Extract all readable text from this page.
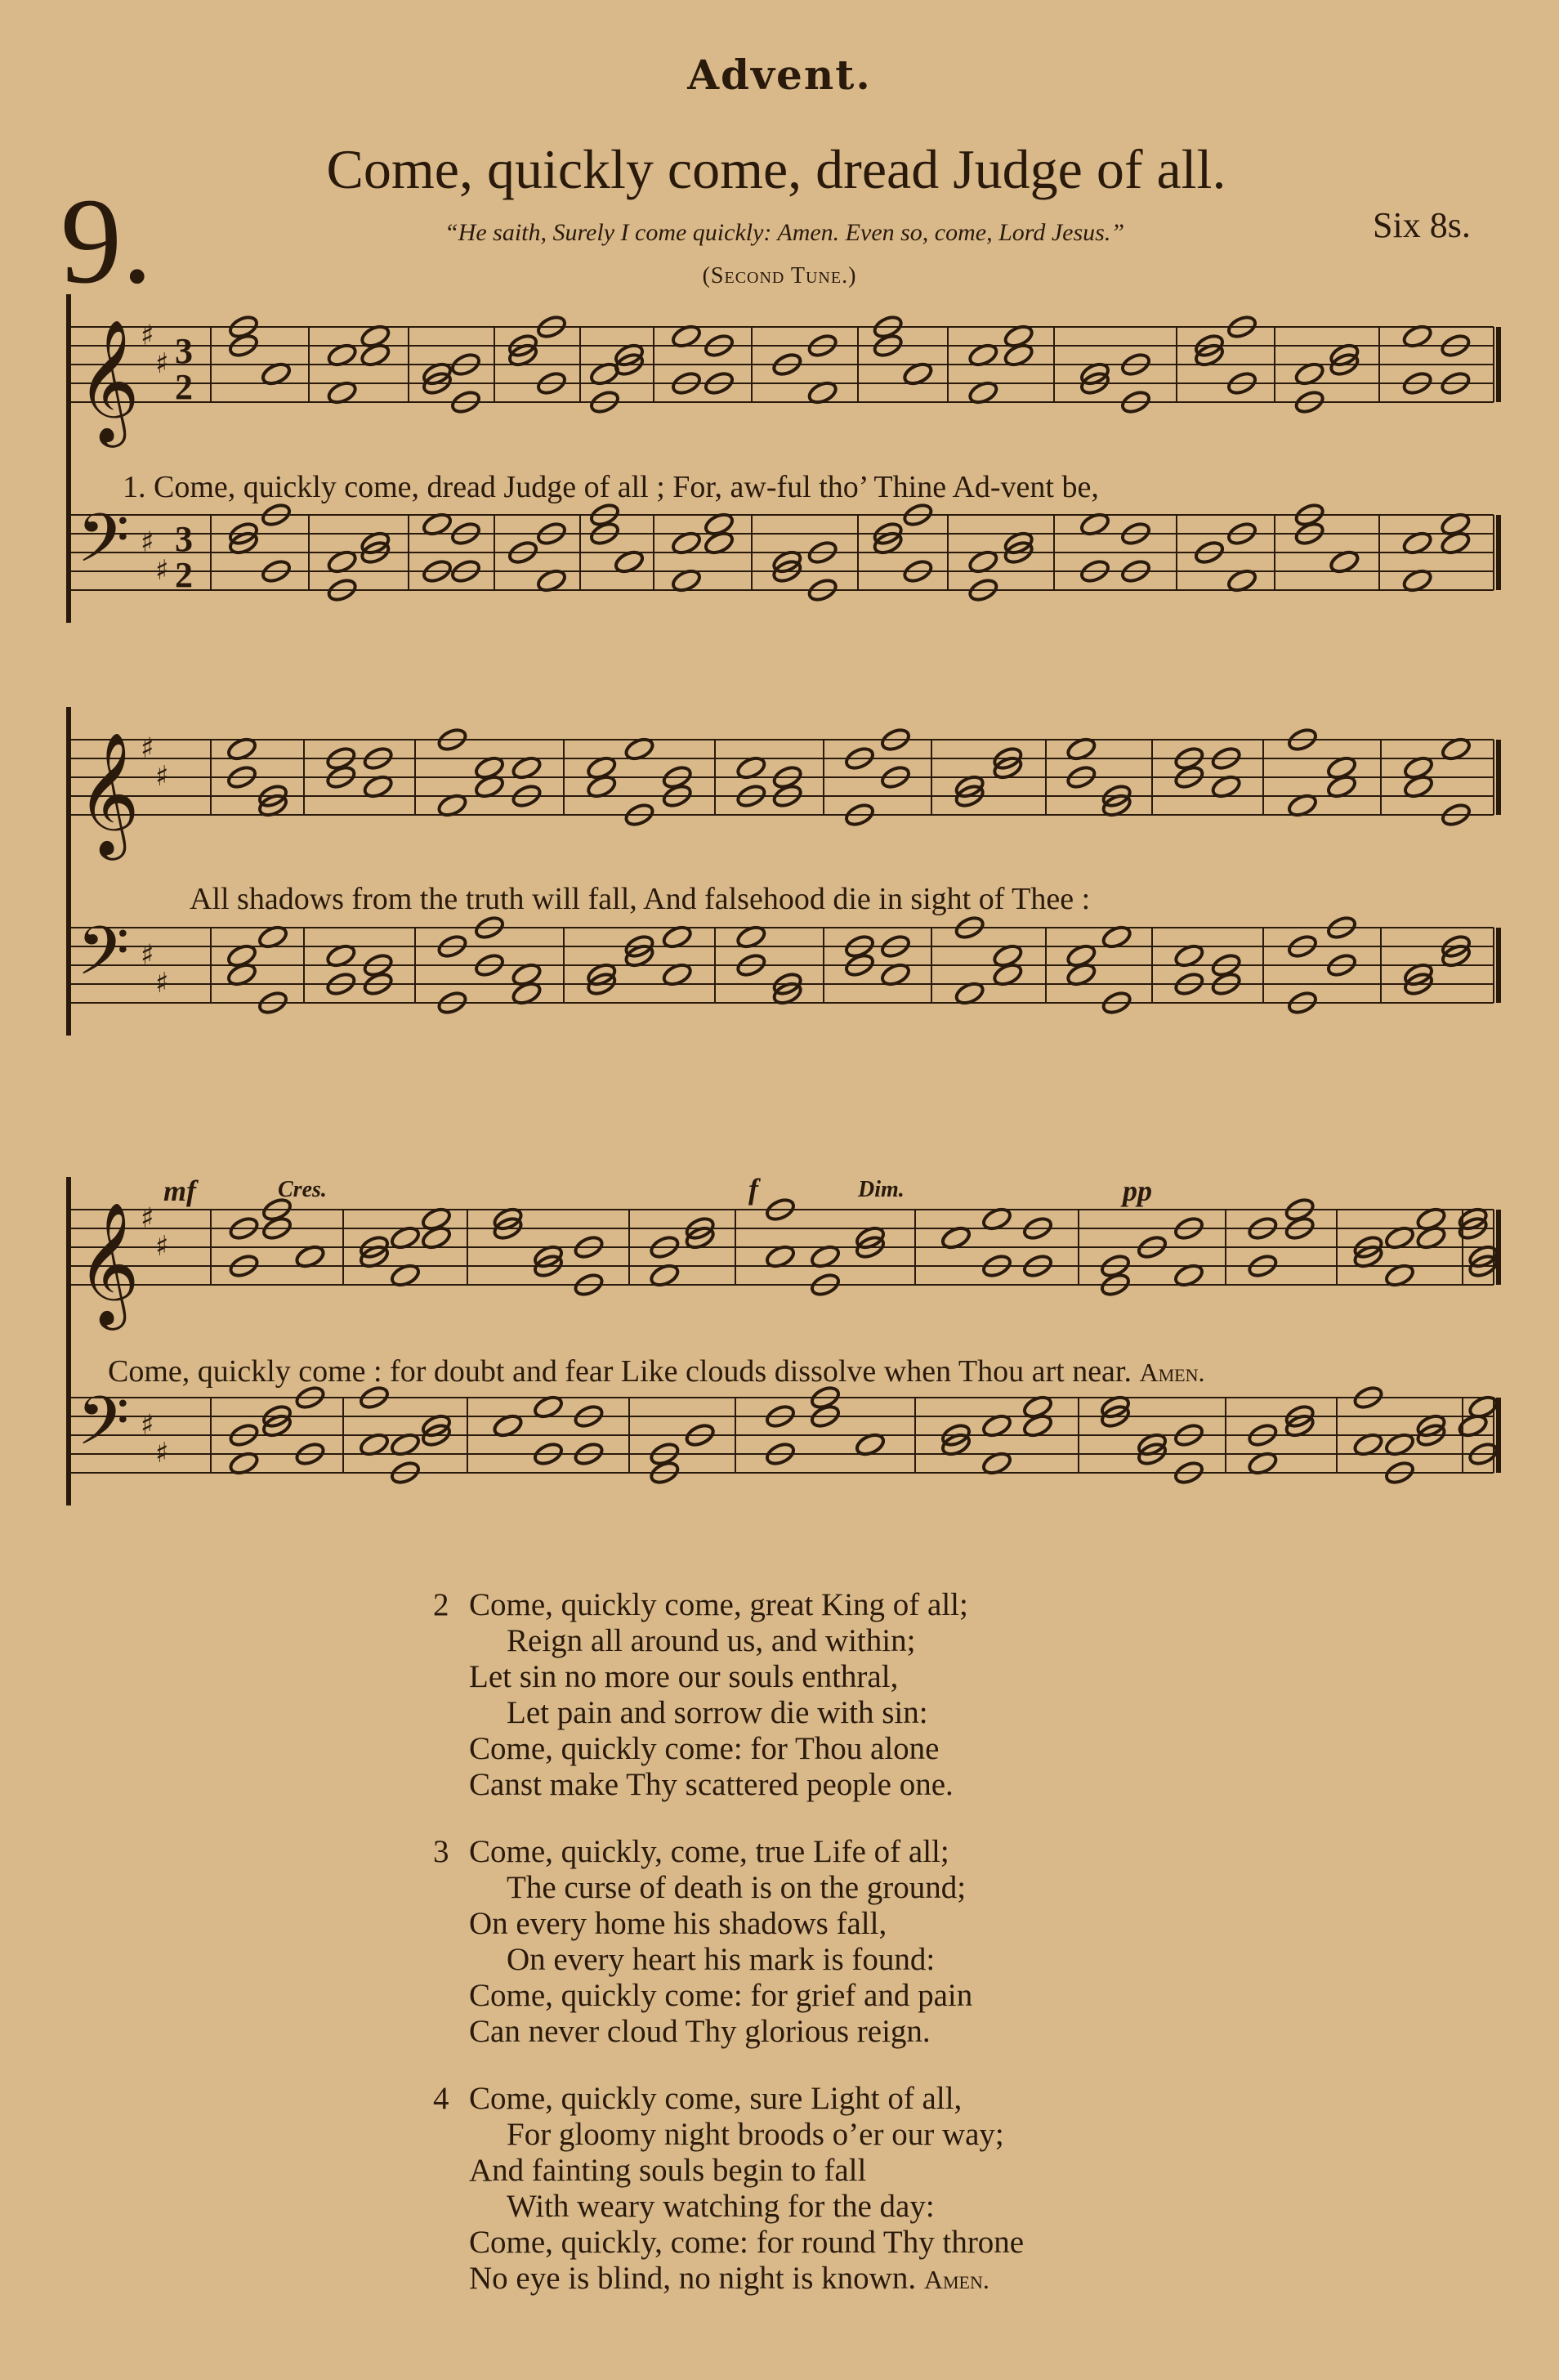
Advent.
9.
Come, quickly come, dread Judge of all.
Six 8s.
“He saith, Surely I come quickly: Amen. Even so, come, Lord Jesus.”
(Second Tune.)
𝄞 ♯
♯ 3
2
𝄢 ♯
♯
3
2
𝄞 ♯
♯
𝄢 ♯
♯
𝄞 ♯
♯
𝄢 ♯
♯
mf	Cres.	f	Dim.	pp
1. Come, quickly come, dread Judge of all ; For, aw-ful tho’ Thine Ad-vent be,
All shadows from the truth will fall, And falsehood die in sight of Thee :
Come, quickly come : for doubt and fear Like clouds dissolve when Thou art near. Amen.
2 Come, quickly come, great King of all;
Reign all around us, and within;
Let sin no more our souls enthral,
Let pain and sorrow die with sin:
Come, quickly come: for Thou alone
Canst make Thy scattered people one.
3 Come, quickly, come, true Life of all;
The curse of death is on the ground;
On every home his shadows fall,
On every heart his mark is found:
Come, quickly come: for grief and pain
Can never cloud Thy glorious reign.
4 Come, quickly come, sure Light of all,
For gloomy night broods o’er our way;
And fainting souls begin to fall
With weary watching for the day:
Come, quickly, come: for round Thy throne
No eye is blind, no night is known. Amen.
